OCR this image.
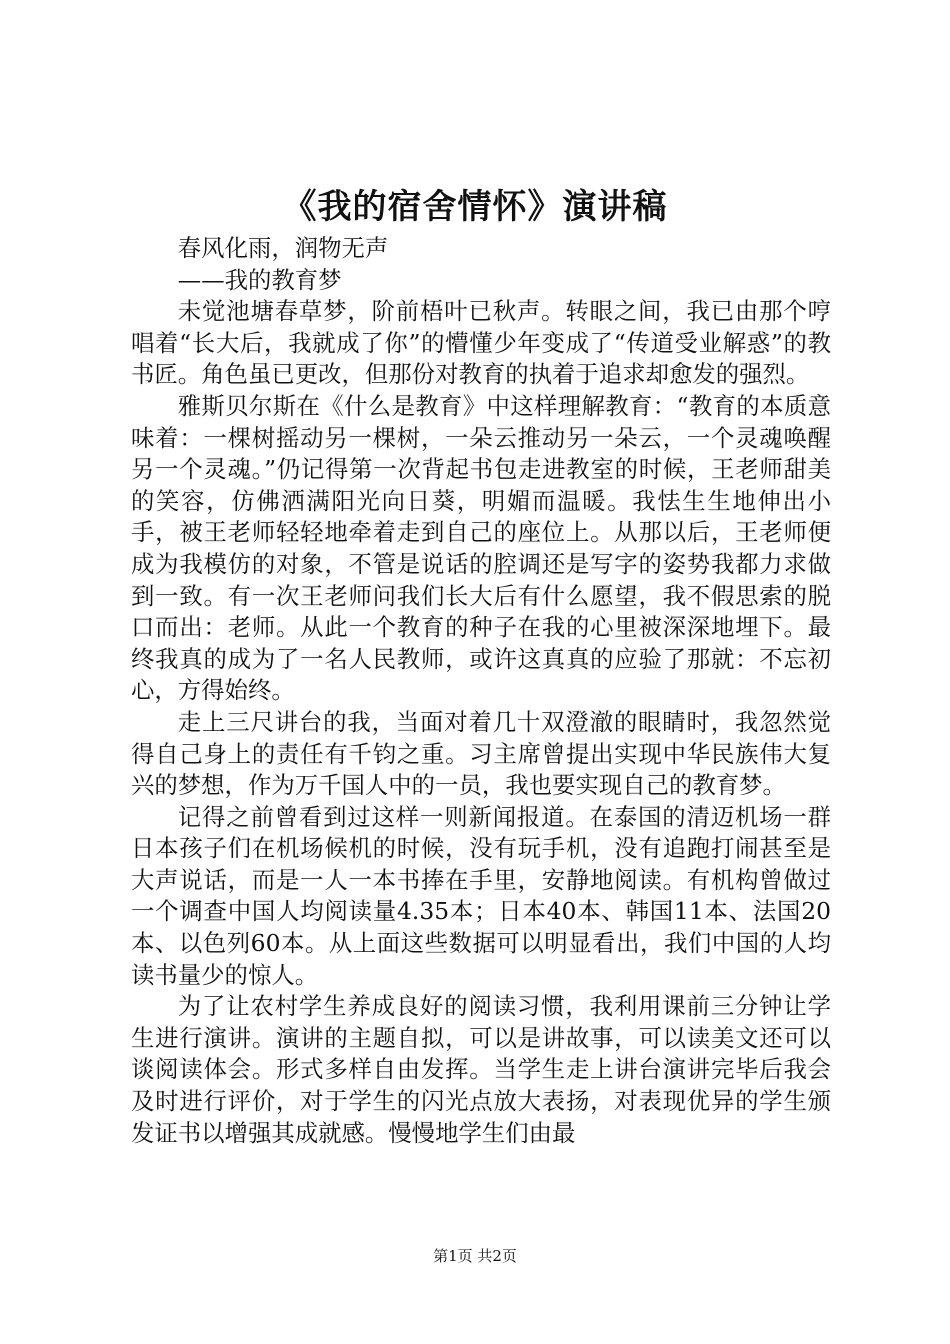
《我的宿舍情怀》演讲稿

春风化雨，润物无声

——我的教育梦

未觉池塘春草梦，阶前梧叶已秋声。转眼之间，我已由那个哼唱着“长大后，我就成了你”的懵懂少年变成了“传道受业解惑”的教书匠。角色虽已更改，但那份对教育的执着于追求却愈发的强烈。

雅斯贝尔斯在《什么是教育》中这样理解教育：“教育的本质意味着：一棵树摇动另一棵树，一朵云推动另一朵云，一个灵魂唤醒另一个灵魂。”仍记得第一次背起书包走进教室的时候，王老师甜美的笑容，仿佛洒满阳光向日葵，明媚而温暖。我怯生生地伸出小手，被王老师轻轻地牵着走到自己的座位上。从那以后，王老师便成为我模仿的对象，不管是说话的腔调还是写字的姿势我都力求做到一致。有一次王老师问我们长大后有什么愿望，我不假思索的脱口而出：老师。从此一个教育的种子在我的心里被深深地埋下。最终我真的成为了一名人民教师，或许这真真的应验了那就：不忘初心，方得始终。

走上三尺讲台的我，当面对着几十双澄澈的眼睛时，我忽然觉得自己身上的责任有千钧之重。习主席曾提出实现中华民族伟大复兴的梦想，作为万千国人中的一员，我也要实现自己的教育梦。

记得之前曾看到过这样一则新闻报道。在泰国的清迈机场一群日本孩子们在机场候机的时候，没有玩手机，没有追跑打闹甚至是大声说话，而是一人一本书捧在手里，安静地阅读。有机构曾做过一个调查中国人均阅读量4.35本；日本40本、韩国11本、法国20本、以色列60本。从上面这些数据可以明显看出，我们中国的人均读书量少的惊人。

为了让农村学生养成良好的阅读习惯，我利用课前三分钟让学生进行演讲。演讲的主题自拟，可以是讲故事，可以读美文还可以谈阅读体会。形式多样自由发挥。当学生走上讲台演讲完毕后我会及时进行评价，对于学生的闪光点放大表扬，对表现优异的学生颁发证书以增强其成就感。慢慢地学生们由最

第1页 共2页
